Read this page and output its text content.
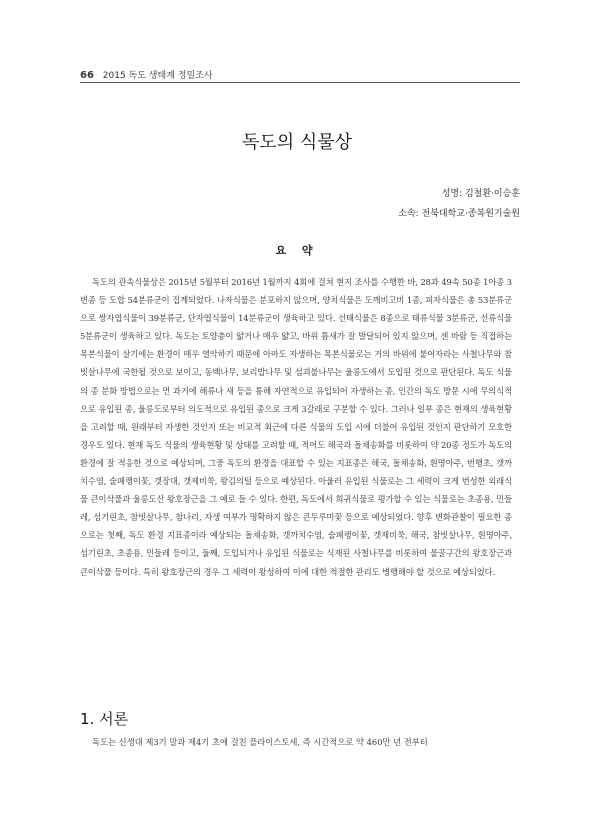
66 2015 독도 생태계 정밀조사
독도의 식물상
성명: 김철환·이승훈
소속: 전북대학교·종복원기술원
요 약

독도의 관속식물상은 2015년 5월부터 2016년 1월까지 4회에 걸쳐 현지 조사를 수행한 바, 28과 49속 50종 1아종 3변종 등 도합 54분류군이 집계되었다. 나자식물은 분포하지 않으며, 양치식물은 도깨비고비 1종, 피자식물은 총 53분류군으로 쌍자엽식물이 39분류군, 단자엽식물이 14분류군이 생육하고 있다. 선태식물은 8종으로 태류식물 3분류군, 선류식물 5분류군이 생육하고 있다. 독도는 토양층이 얇거나 매우 얇고, 바위 틈새가 잘 발달되어 있지 않으며, 센 바람 등 직접하는 목본식물이 살기에는 환경이 매우 열악하기 때문에 아마도 자생하는 목본식물로는 거의 바위에 붙어자라는 사철나무와 참빗살나무에 국한될 것으로 보이고, 동백나무, 보리밥나무 및 섬괴불나무는 울릉도에서 도입된 것으로 판단된다. 독도 식물의 종 분화 방법으로는 먼 과거에 해류나 새 등을 통해 자연적으로 유입되어 자생하는 종, 인간의 독도 방문 시에 무의식적으로 유입된 종, 울릉도로부터 의도적으로 유입된 종으로 크게 3갈래로 구분할 수 있다. 그러나 일부 종은 현재의 생육현황을 고려할 때, 원래부터 자생한 것인지 또는 비교적 최근에 다른 식물의 도입 시에 더불어 유입된 것인지 판단하기 모호한 경우도 있다. 현재 독도 식물의 생육현황 및 상태를 고려할 때, 적어도 해국과 돌채송화를 비롯하여 약 20종 정도가 독도의 환경에 잘 적응한 것으로 예상되며, 그중 독도의 환경을 대표할 수 있는 지표종은 해국, 돌채송화, 흰명아주, 번행초, 갯까치수염, 술패랭이꽃, 갯장대, 갯제비쑥, 왕김의털 등으로 예상된다. 아울러 유입된 식물로는 그 세력이 크게 번성한 외래식물 큰이삭풀과 울릉도산 왕호장근을 그 예로 들 수 있다. 한편, 독도에서 희귀식물로 평가할 수 있는 식물로는 초종용, 민들레, 섬기린초, 참빗살나무, 참나리, 자생 여부가 명확하지 않은 큰두루미꽃 등으로 예상되었다. 향후 변화관찰이 필요한 종으로는 첫째, 독도 환경 지표종이라 예상되는 돌채송화, 갯까치수염, 술패랭이꽃, 갯제비쑥, 해국, 참빗살나무, 흰명아주, 섬기린초, 초종용, 민들레 등이고, 둘째, 도입되거나 유입된 식물로는 식재된 사철나무를 비롯하여 물골구간의 왕호장근과 큰이삭풀 등이다. 특히 왕호장근의 경우 그 세력이 왕성하여 이에 대한 적절한 관리도 병행해야 할 것으로 예상되었다.

1. 서론

독도는 신생대 제3기 말과 제4기 초에 걸친 플라이스토세, 즉 시간적으로 약 460만 년 전부터
